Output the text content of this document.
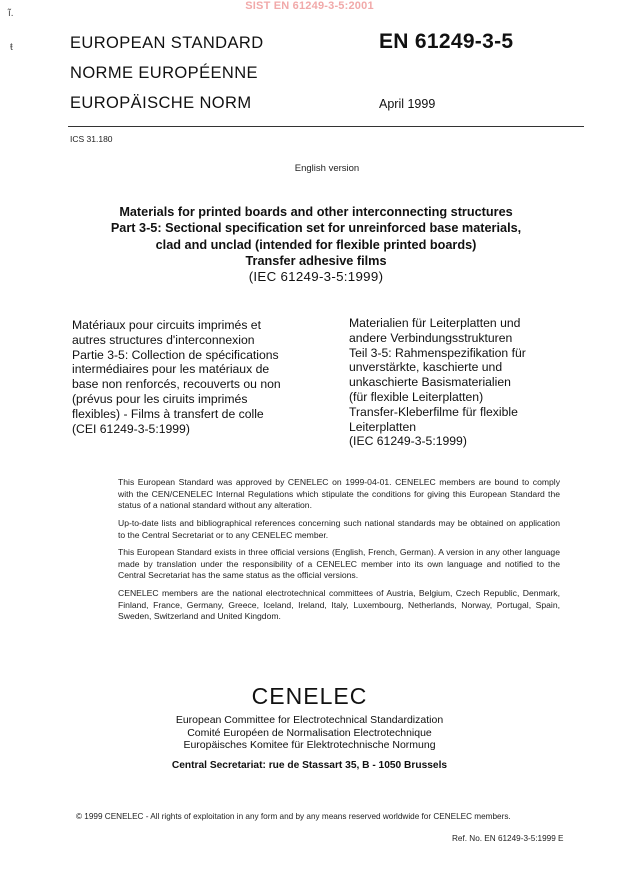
SIST EN 61249-3-5:2001
ĩ.
ŧ	EUROPEAN STANDARD
NORME EUROPÉENNE
EUROPÄISCHE NORM
EN 61249-3-5
April 1999
ICS 31.180
English version
Materials for printed boards and other interconnecting structures
Part 3-5: Sectional specification set for unreinforced base materials,
clad and unclad (intended for flexible printed boards)
Transfer adhesive films
(IEC 61249-3-5:1999)
Matériaux pour circuits imprimés et
autres structures d'interconnexion
Partie 3-5: Collection de spécifications
intermédiaires pour les matériaux de
base non renforcés, recouverts ou non
(prévus pour les ciruits imprimés
flexibles) - Films à transfert de colle
(CEI 61249-3-5:1999)
Materialien für Leiterplatten und
andere Verbindungsstrukturen
Teil 3-5: Rahmenspezifikation für
unverstärkte, kaschierte und
unkaschierte Basismaterialien
(für flexible Leiterplatten)
Transfer-Kleberfilme für flexible
Leiterplatten
(IEC 61249-3-5:1999)
This European Standard was approved by CENELEC on 1999-04-01. CENELEC members are bound to comply with the CEN/CENELEC Internal Regulations which stipulate the conditions for giving this European Standard the status of a national standard without any alteration.
Up-to-date lists and bibliographical references concerning such national standards may be obtained on application to the Central Secretariat or to any CENELEC member.
This European Standard exists in three official versions (English, French, German). A version in any other language made by translation under the responsibility of a CENELEC member into its own language and notified to the Central Secretariat has the same status as the official versions.
CENELEC members are the national electrotechnical committees of Austria, Belgium, Czech Republic, Denmark, Finland, France, Germany, Greece, Iceland, Ireland, Italy, Luxembourg, Netherlands, Norway, Portugal, Spain, Sweden, Switzerland and United Kingdom.
CENELEC
European Committee for Electrotechnical Standardization
Comité Européen de Normalisation Electrotechnique
Europäisches Komitee für Elektrotechnische Normung
Central Secretariat: rue de Stassart 35, B - 1050 Brussels
© 1999 CENELEC - All rights of exploitation in any form and by any means reserved worldwide for CENELEC members.
Ref. No. EN 61249-3-5:1999 E
